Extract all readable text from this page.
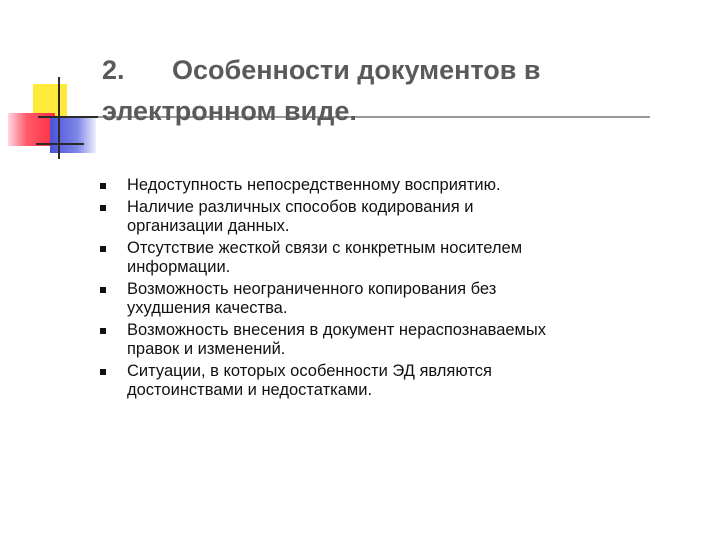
2. Особенности документов в
электронном виде.
Недоступность непосредственному восприятию.
Наличие различных способов кодирования и
организации данных.
Отсутствие жесткой связи с конкретным носителем
информации.
Возможность неограниченного копирования без
ухудшения качества.
Возможность внесения в документ нераспознаваемых
правок и изменений.
Ситуации, в которых особенности ЭД являются
достоинствами и недостатками.
